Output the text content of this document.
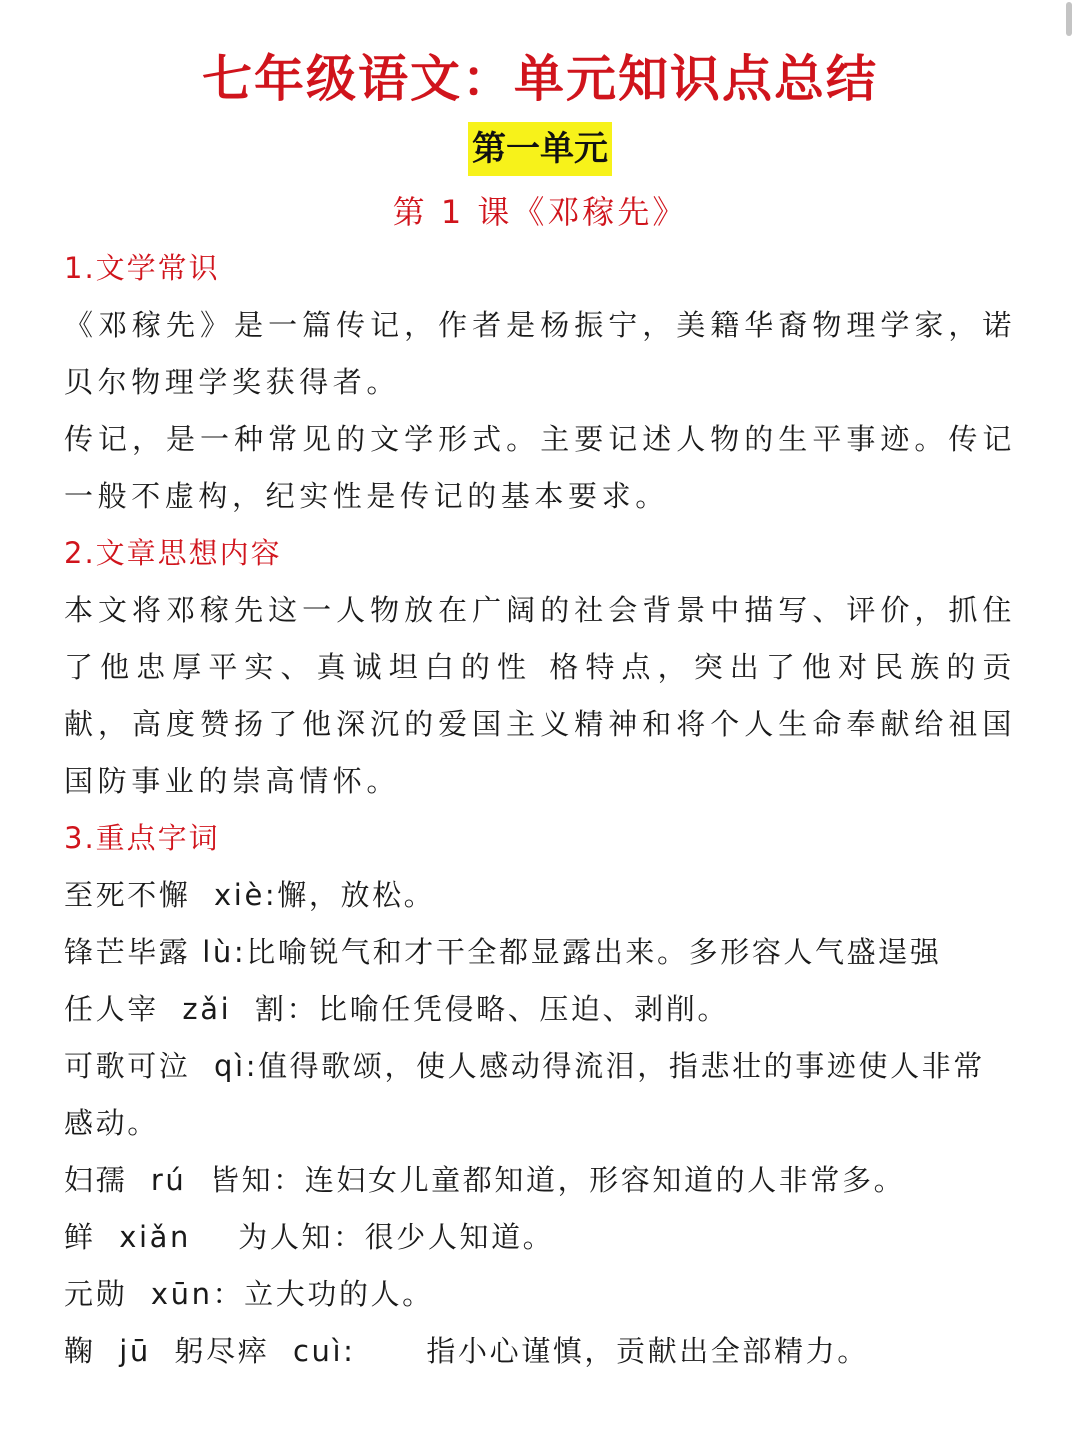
七年级语文：单元知识点总结
第一单元
第 1 课《邓稼先》
1.文学常识
《邓稼先》是一篇传记，作者是杨振宁，美籍华裔物理学家，诺贝尔物理学奖获得者。
传记，是一种常见的文学形式。主要记述人物的生平事迹。传记一般不虚构，纪实性是传记的基本要求。
2.文章思想内容
本文将邓稼先这一人物放在广阔的社会背景中描写、评价，抓住了他忠厚平实、真诚坦白的性 格特点，突出了他对民族的贡献，高度赞扬了他深沉的爱国主义精神和将个人生命奉献给祖国国防事业的崇高情怀。
3.重点字词
至死不懈  xiè:懈，放松。
锋芒毕露 lù:比喻锐气和才干全都显露出来。多形容人气盛逞强
任人宰  zǎi  割：比喻任凭侵略、压迫、剥削。
可歌可泣  qì:值得歌颂，使人感动得流泪，指悲壮的事迹使人非常感动。
妇孺  rú  皆知：连妇女儿童都知道，形容知道的人非常多。
鲜  xiǎn    为人知：很少人知道。
元勋  xūn：立大功的人。
鞠  jū  躬尽瘁  cuì:      指小心谨慎，贡献出全部精力。
